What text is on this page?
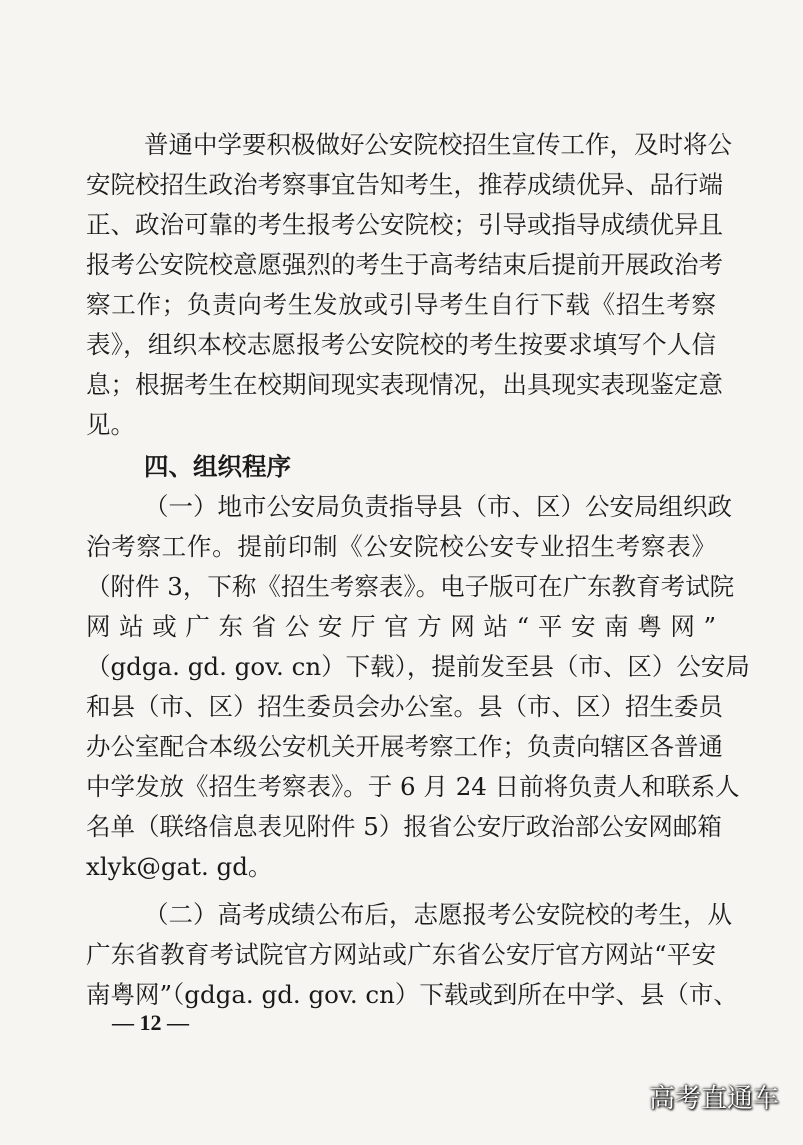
普通中学要积极做好公安院校招生宣传工作，及时将公
安院校招生政治考察事宜告知考生，推荐成绩优异、品行端
正、政治可靠的考生报考公安院校；引导或指导成绩优异且
报考公安院校意愿强烈的考生于高考结束后提前开展政治考
察工作；负责向考生发放或引导考生自行下载《招生考察
表》，组织本校志愿报考公安院校的考生按要求填写个人信
息；根据考生在校期间现实表现情况，出具现实表现鉴定意
见。
四、组织程序
（一）地市公安局负责指导县（市、区）公安局组织政
治考察工作。提前印制《公安院校公安专业招生考察表》
（附件 3，下称《招生考察表》。电子版可在广东教育考试院
网站或广东省公安厅官方网站“平安南粤网”
（gdga. gd. gov. cn）下载），提前发至县（市、区）公安局
和县（市、区）招生委员会办公室。县（市、区）招生委员
办公室配合本级公安机关开展考察工作；负责向辖区各普通
中学发放《招生考察表》。于 6 月 24 日前将负责人和联系人
名单（联络信息表见附件 5）报省公安厅政治部公安网邮箱
xlyk@gat. gd。
（二）高考成绩公布后，志愿报考公安院校的考生，从
广东省教育考试院官方网站或广东省公安厅官方网站“平安
南粤网”（gdga. gd. gov. cn）下载或到所在中学、县（市、
— 12 —
高考直通车
